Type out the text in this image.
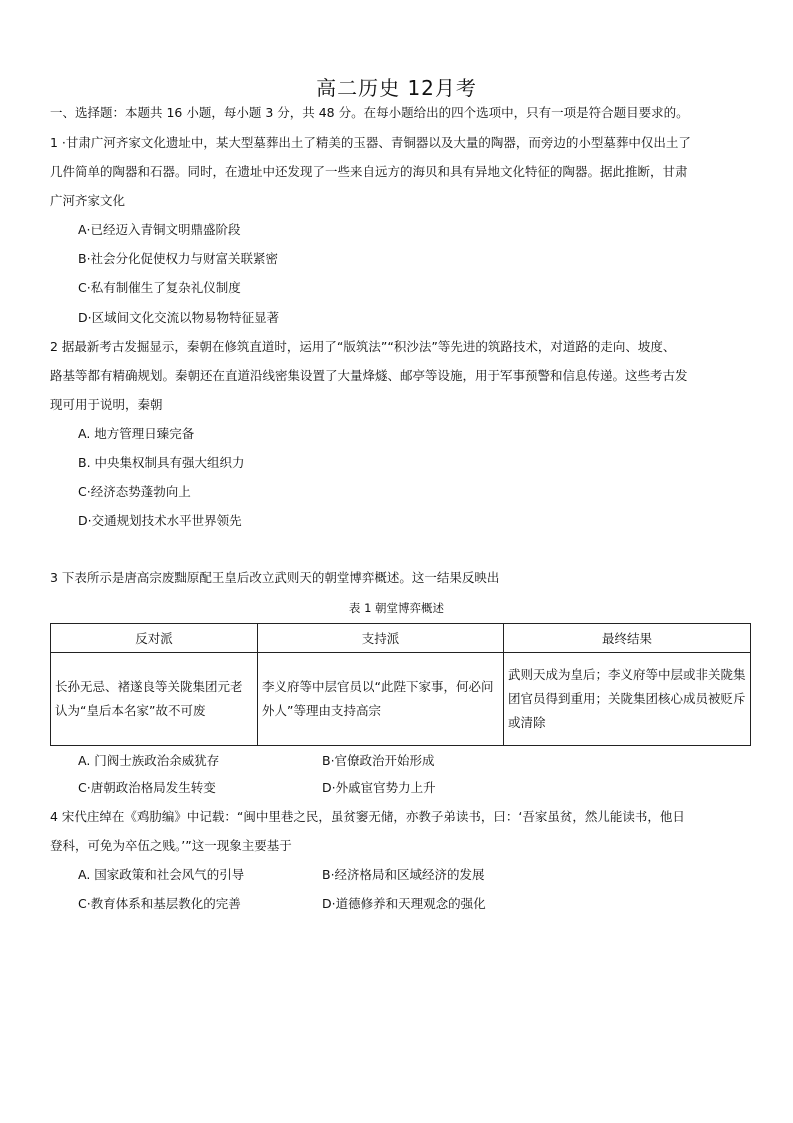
高二历史 12月考
一、选择题：本题共 16 小题，每小题 3 分，共 48 分。在每小题给出的四个选项中，只有一项是符合题目要求的。
1 ·甘肃广河齐家文化遗址中，某大型墓葬出土了精美的玉器、青铜器以及大量的陶器，而旁边的小型墓葬中仅出土了
几件简单的陶器和石器。同时，在遗址中还发现了一些来自远方的海贝和具有异地文化特征的陶器。据此推断，甘肃
广河齐家文化
A·已经迈入青铜文明鼎盛阶段
B·社会分化促使权力与财富关联紧密
C·私有制催生了复杂礼仪制度
D·区域间文化交流以物易物特征显著
2 据最新考古发掘显示，秦朝在修筑直道时，运用了“版筑法”“积沙法”等先进的筑路技术，对道路的走向、坡度、
路基等都有精确规划。秦朝还在直道沿线密集设置了大量烽燧、邮亭等设施，用于军事预警和信息传递。这些考古发
现可用于说明，秦朝
A. 地方管理日臻完备
B. 中央集权制具有强大组织力
C·经济态势蓬勃向上
D·交通规划技术水平世界领先
3 下表所示是唐高宗废黜原配王皇后改立武则天的朝堂博弈概述。这一结果反映出
表 1 朝堂博弈概述
反对派	支持派	最终结果
长孙无忌、褚遂良等关陇集团元老认为“皇后本名家”故不可废	李义府等中层官员以“此陛下家事，何必问外人”等理由支持高宗	武则天成为皇后；李义府等中层或非关陇集团官员得到重用；关陇集团核心成员被贬斥或清除
A. 门阀士族政治余威犹存	B·官僚政治开始形成
C·唐朝政治格局发生转变	D·外戚宦官势力上升
4 宋代庄绰在《鸡肋编》中记载：“闽中里巷之民，虽贫窭无储，亦教子弟读书，曰：‘吾家虽贫，然儿能读书，他日
登科，可免为卒伍之贱。’”这一现象主要基于
A. 国家政策和社会风气的引导	B·经济格局和区域经济的发展
C·教育体系和基层教化的完善	D·道德修养和天理观念的强化
